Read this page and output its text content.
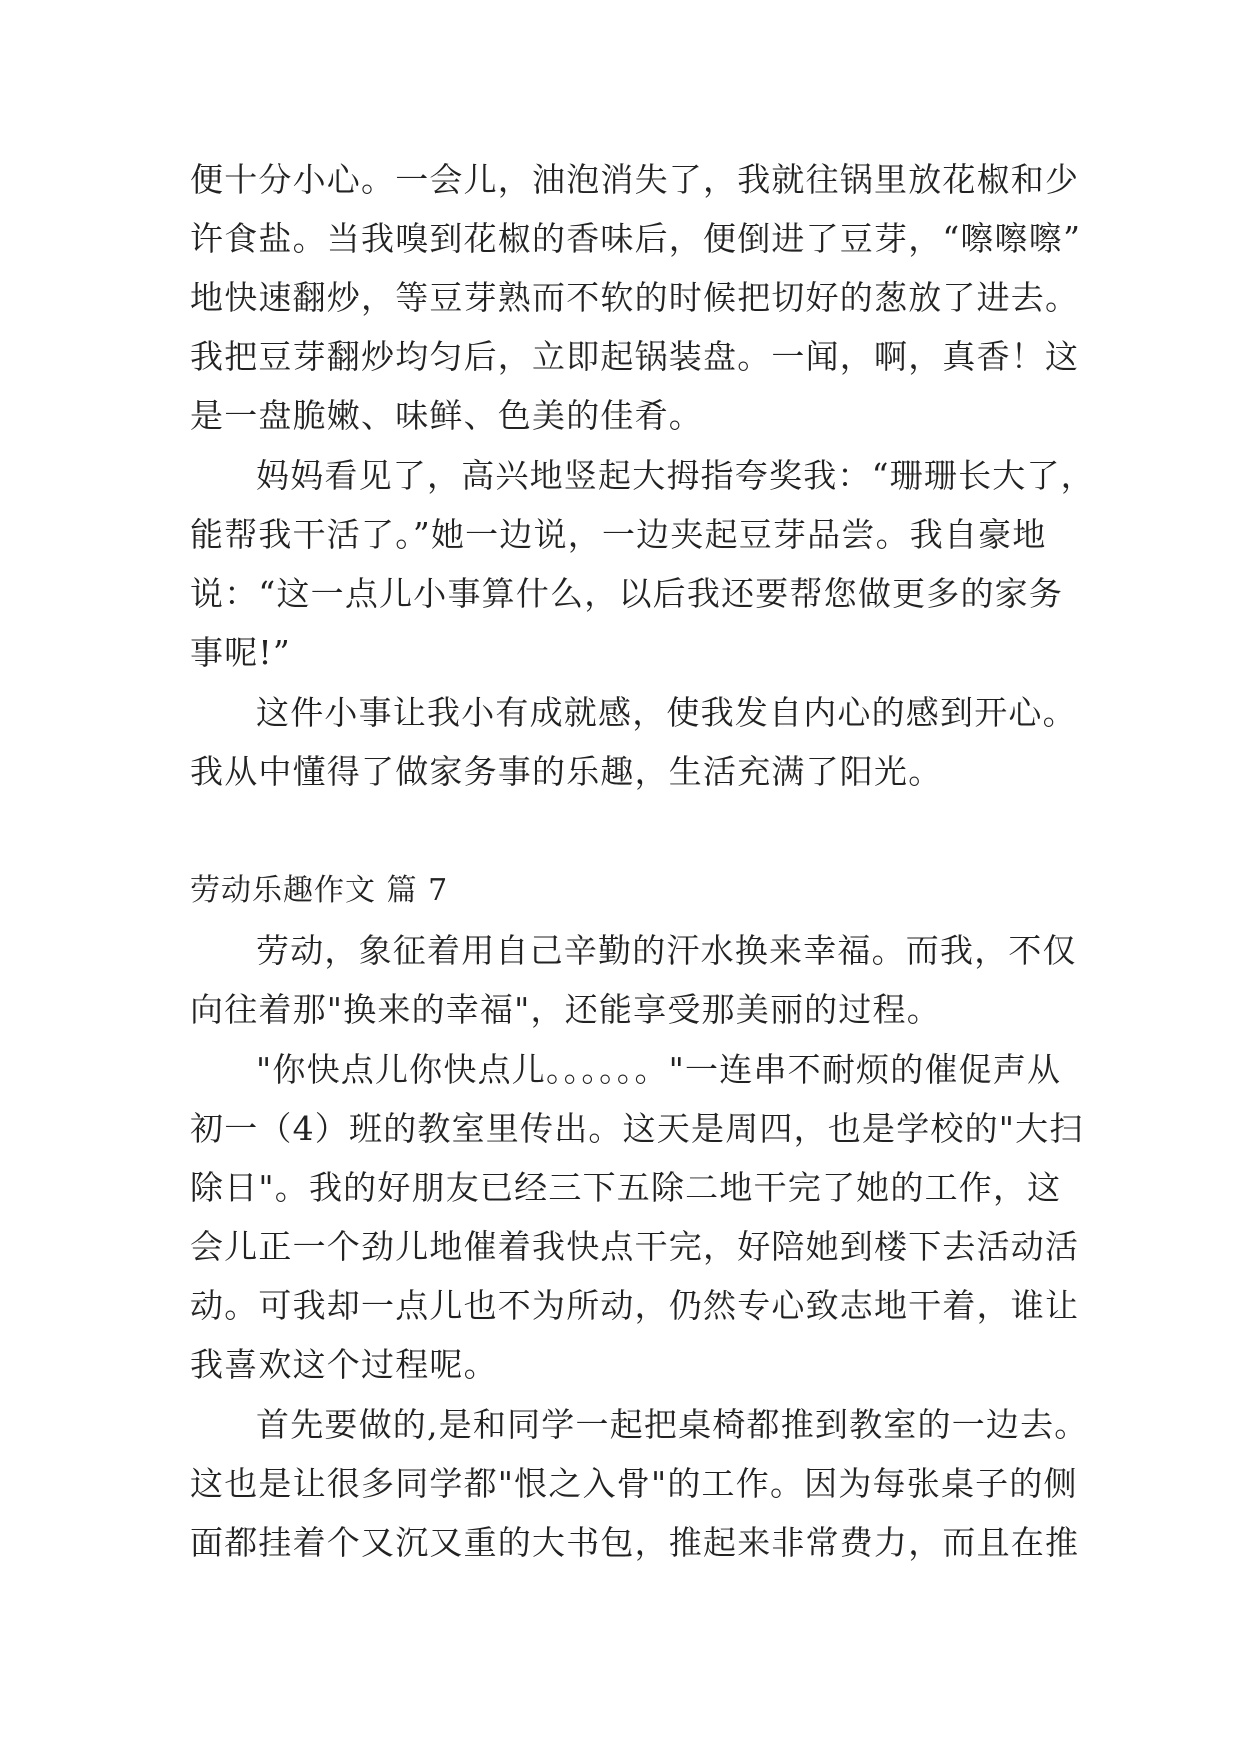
便十分小心。一会儿，油泡消失了，我就往锅里放花椒和少
许食盐。当我嗅到花椒的香味后，便倒进了豆芽，“嚓嚓嚓”
地快速翻炒，等豆芽熟而不软的时候把切好的葱放了进去。
我把豆芽翻炒均匀后，立即起锅装盘。一闻，啊，真香！这
是一盘脆嫩、味鲜、色美的佳肴。
妈妈看见了，高兴地竖起大拇指夸奖我：“珊珊长大了，
能帮我干活了。”她一边说，一边夹起豆芽品尝。我自豪地
说：“这一点儿小事算什么，以后我还要帮您做更多的家务
事呢!”
这件小事让我小有成就感，使我发自内心的感到开心。
我从中懂得了做家务事的乐趣，生活充满了阳光。
劳动乐趣作文 篇 7
劳动，象征着用自己辛勤的汗水换来幸福。而我，不仅
向往着那"换来的幸福"，还能享受那美丽的过程。
"你快点儿你快点儿。。。。。。"一连串不耐烦的催促声从
初一（4）班的教室里传出。这天是周四，也是学校的"大扫
除日"。我的好朋友已经三下五除二地干完了她的工作，这
会儿正一个劲儿地催着我快点干完，好陪她到楼下去活动活
动。可我却一点儿也不为所动，仍然专心致志地干着，谁让
我喜欢这个过程呢。
首先要做的,是和同学一起把桌椅都推到教室的一边去。
这也是让很多同学都"恨之入骨"的工作。因为每张桌子的侧
面都挂着个又沉又重的大书包，推起来非常费力，而且在推
